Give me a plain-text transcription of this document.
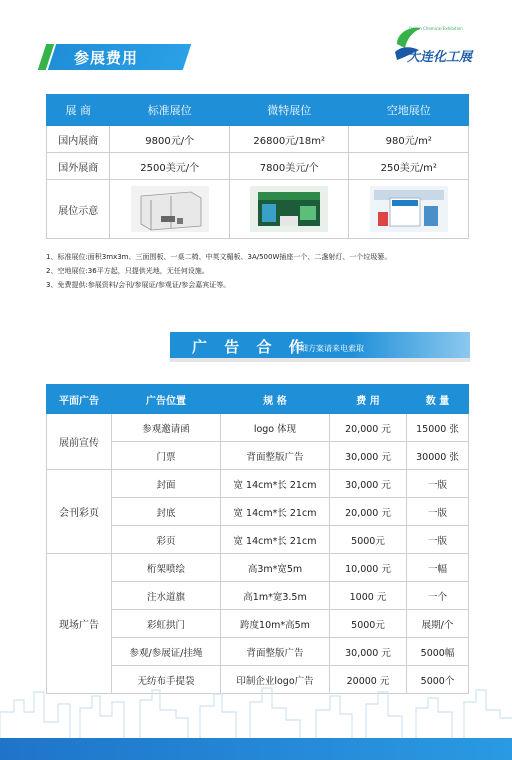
参展费用
Dalian Chemical Exhibition
大连化工展
展 商	标准展位	微特展位	空地展位
国内展商	9800元/个	26800元/18m²	980元/m²
国外展商	2500美元/个	7800美元/个	250美元/m²
展位示意			
1、标准展位:面积3mx3m、三面围板、一桌二椅、中英文楣板、3A/500W插座一个、二盏射灯、一个垃圾篓。
2、空地展位:36平方起，只提供光地，无任何设施。
3、免费提供:参展资料/会刊/参展证/参观证/参会嘉宾证等。
广 告 合 作
详细方案请来电索取
平面广告	广告位置	规 格	费 用	数 量
展前宣传	参观邀请函	logo 体现	20,000 元	15000 张
	门票	背面整版广告	30,000 元	30000 张
会刊彩页	封面	宽 14cm*长 21cm	30,000 元	一版
	封底	宽 14cm*长 21cm	20,000 元	一版
	彩页	宽 14cm*长 21cm	5000元	一版
现场广告	桁架喷绘	高3m*宽5m	10,000 元	一幅
	注水道旗	高1m*宽3.5m	1000 元	一个
	彩虹拱门	跨度10m*高5m	5000元	展期/个
	参观/参展证/挂绳	背面整版广告	30,000 元	5000幅
	无纺布手提袋	印制企业logo广告	20000 元	5000个
